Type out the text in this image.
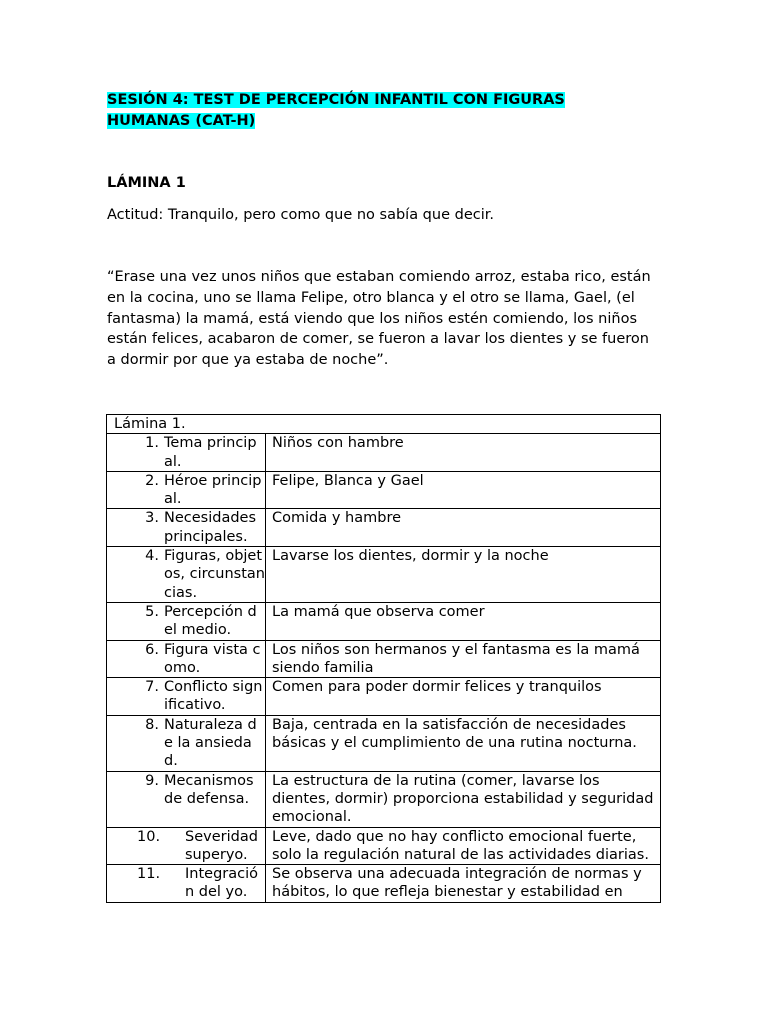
SESIÓN 4: TEST DE PERCEPCIÓN INFANTIL CON FIGURAS HUMANAS (CAT-H)

LÁMINA 1

Actitud: Tranquilo, pero como que no sabía que decir.

“Erase una vez unos niños que estaban comiendo arroz, estaba rico, están en la cocina, uno se llama Felipe, otro blanca y el otro se llama, Gael, (el fantasma) la mamá, está viendo que los niños estén comiendo, los niños están felices, acabaron de comer, se fueron a lavar los dientes y se fueron a dormir por que ya estaba de noche”.

Lámina 1.	

1. Tema principal.	Niños con hambre

2. Héroe principal.	Felipe, Blanca y Gael

3. Necesidades principales.	Comida y hambre

4. Figuras, objetos, circunstancias.	Lavarse los dientes, dormir y la noche

5. Percepción del medio.	La mamá que observa comer

6. Figura vista como.	Los niños son hermanos y el fantasma es la mamá siendo familia

7. Conflicto significativo.	Comen para poder dormir felices y tranquilos

8. Naturaleza de la ansiedad.	Baja, centrada en la satisfacción de necesidades básicas y el cumplimiento de una rutina nocturna.

9. Mecanismos de defensa.	La estructura de la rutina (comer, lavarse los dientes, dormir) proporciona estabilidad y seguridad emocional.

10. Severidad superyo.	Leve, dado que no hay conflicto emocional fuerte, solo la regulación natural de las actividades diarias.

11. Integración del yo.	Se observa una adecuada integración de normas y hábitos, lo que refleja bienestar y estabilidad en
